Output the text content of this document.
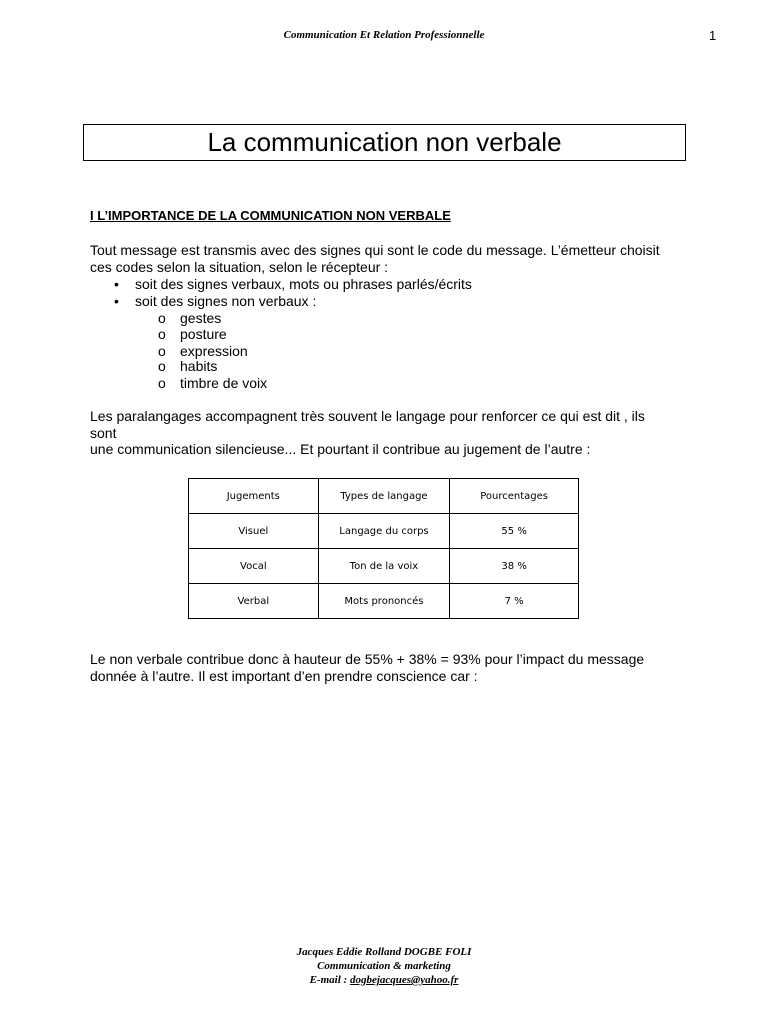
Communication Et Relation Professionnelle	1
La communication non verbale
I L’IMPORTANCE DE LA COMMUNICATION NON VERBALE
Tout message est transmis avec des signes qui sont le code du message. L’émetteur choisit
ces codes selon la situation, selon le récepteur :
• soit des signes verbaux, mots ou phrases parlés/écrits
• soit des signes non verbaux :
o gestes
o posture
o expression
o habits
o timbre de voix
Les paralangages accompagnent très souvent le langage pour renforcer ce qui est dit , ils sont
une communication silencieuse... Et pourtant il contribue au jugement de l’autre :
Jugements	Types de langage	Pourcentages
Visuel	Langage du corps	55 %
Vocal	Ton de la voix	38 %
Verbal	Mots prononcés	7 %
Le non verbale contribue donc à hauteur de 55% + 38% = 93% pour l’impact du message
donnée à l’autre. Il est important d’en prendre conscience car :
Jacques Eddie Rolland DOGBE FOLI
Communication & marketing
E-mail : dogbejacques@yahoo.fr
